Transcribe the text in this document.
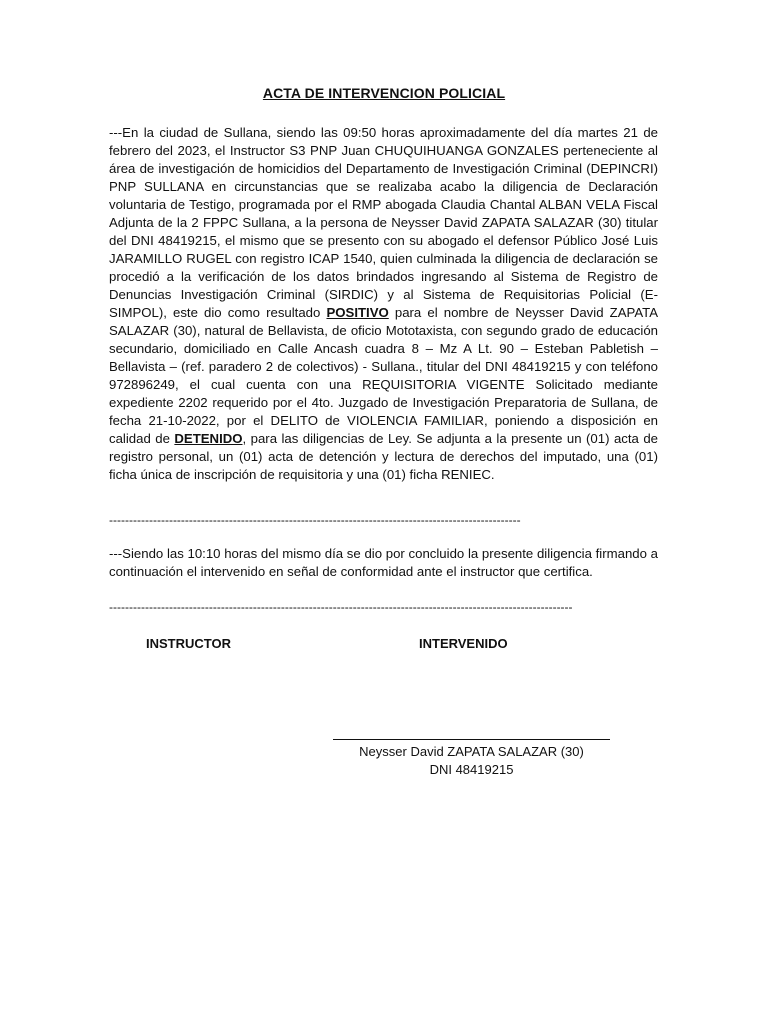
ACTA DE INTERVENCION POLICIAL
---En la ciudad de Sullana, siendo las 09:50 horas aproximadamente del día martes 21 de febrero del 2023, el Instructor S3 PNP Juan CHUQUIHUANGA GONZALES perteneciente al área de investigación de homicidios del Departamento de Investigación Criminal (DEPINCRI) PNP SULLANA en circunstancias que se realizaba acabo la diligencia de Declaración voluntaria de Testigo, programada por el RMP abogada Claudia Chantal ALBAN VELA Fiscal Adjunta de la 2 FPPC Sullana, a la persona de Neysser David ZAPATA SALAZAR (30) titular del DNI 48419215, el mismo que se presento con su abogado el defensor Público José Luis JARAMILLO RUGEL con registro ICAP 1540, quien culminada la diligencia de declaración se procedió a la verificación de los datos brindados ingresando al Sistema de Registro de Denuncias Investigación Criminal (SIRDIC) y al Sistema de Requisitorias Policial (E-SIMPOL), este dio como resultado POSITIVO para el nombre de Neysser David ZAPATA SALAZAR (30), natural de Bellavista, de oficio Mototaxista, con segundo grado de educación secundario, domiciliado en Calle Ancash cuadra 8 – Mz A Lt. 90 – Esteban Pabletish – Bellavista – (ref. paradero 2 de colectivos) - Sullana., titular del DNI 48419215 y con teléfono 972896249, el cual cuenta con una REQUISITORIA VIGENTE Solicitado mediante expediente 2202 requerido por el 4to. Juzgado de Investigación Preparatoria de Sullana, de fecha 21-10-2022, por el DELITO de VIOLENCIA FAMILIAR, poniendo a disposición en calidad de DETENIDO, para las diligencias de Ley. Se adjunta a la presente un (01) acta de registro personal, un (01) acta de detención y lectura de derechos del imputado, una (01) ficha única de inscripción de requisitoria y una (01) ficha RENIEC.
-------------------------------------------------------------------------------------------------------
---Siendo las 10:10 horas del mismo día se dio por concluido la presente diligencia firmando a continuación el intervenido en señal de conformidad ante el instructor que certifica.
--------------------------------------------------------------------------------------------------------------------
INSTRUCTOR	INTERVENIDO
Neysser David ZAPATA SALAZAR (30)
DNI 48419215
